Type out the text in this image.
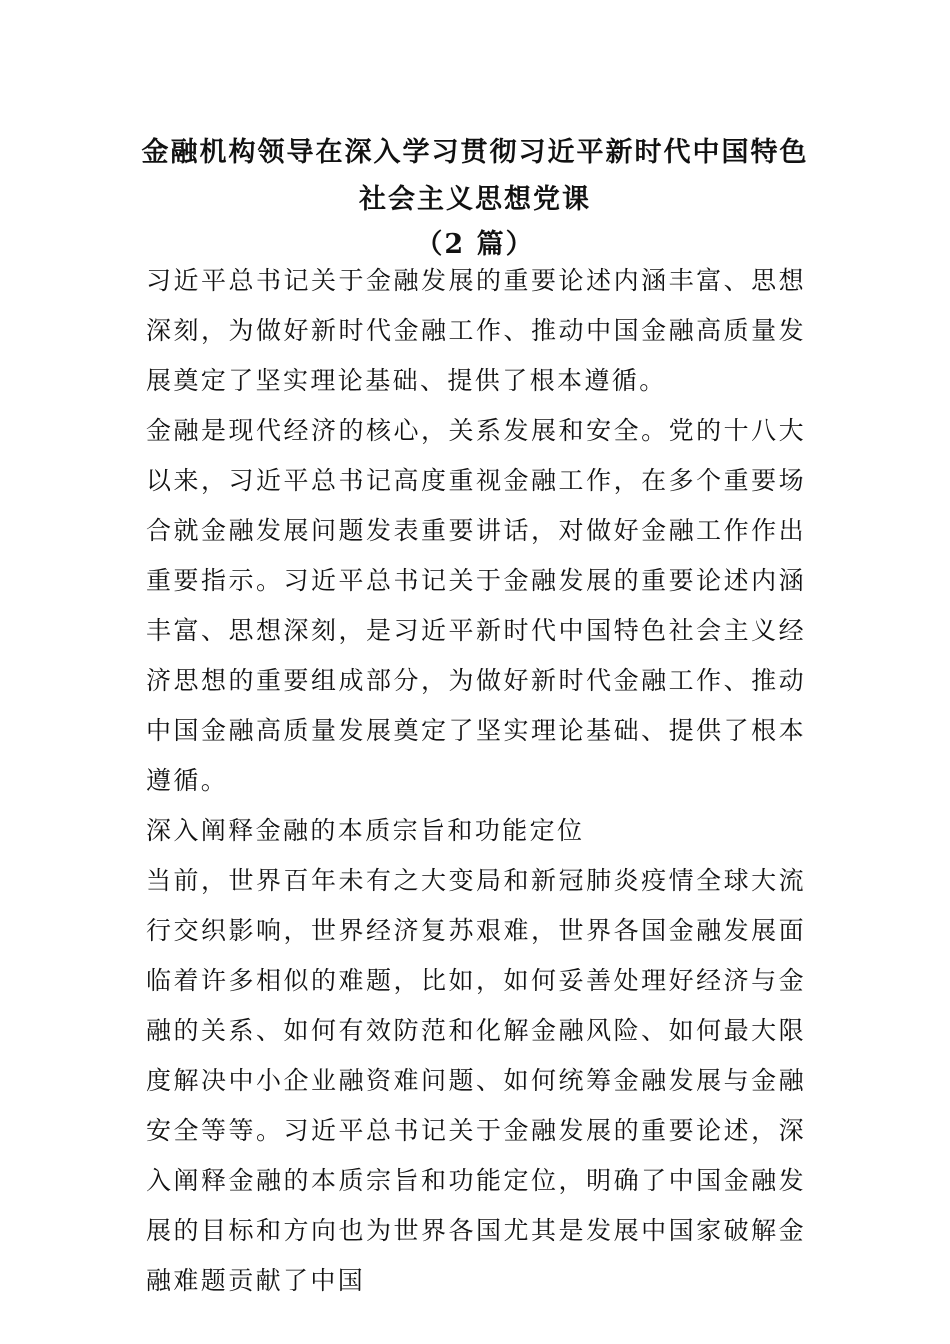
金融机构领导在深入学习贯彻习近平新时代中国特色
社会主义思想党课
（2 篇）

习近平总书记关于金融发展的重要论述内涵丰富、思想深刻，为做好新时代金融工作、推动中国金融高质量发展奠定了坚实理论基础、提供了根本遵循。

金融是现代经济的核心，关系发展和安全。党的十八大以来，习近平总书记高度重视金融工作，在多个重要场合就金融发展问题发表重要讲话，对做好金融工作作出重要指示。习近平总书记关于金融发展的重要论述内涵丰富、思想深刻，是习近平新时代中国特色社会主义经济思想的重要组成部分，为做好新时代金融工作、推动中国金融高质量发展奠定了坚实理论基础、提供了根本遵循。

深入阐释金融的本质宗旨和功能定位

当前，世界百年未有之大变局和新冠肺炎疫情全球大流行交织影响，世界经济复苏艰难，世界各国金融发展面临着许多相似的难题，比如，如何妥善处理好经济与金融的关系、如何有效防范和化解金融风险、如何最大限度解决中小企业融资难问题、如何统筹金融发展与金融安全等等。习近平总书记关于金融发展的重要论述，深入阐释金融的本质宗旨和功能定位，明确了中国金融发展的目标和方向也为世界各国尤其是发展中国家破解金融难题贡献了中国
